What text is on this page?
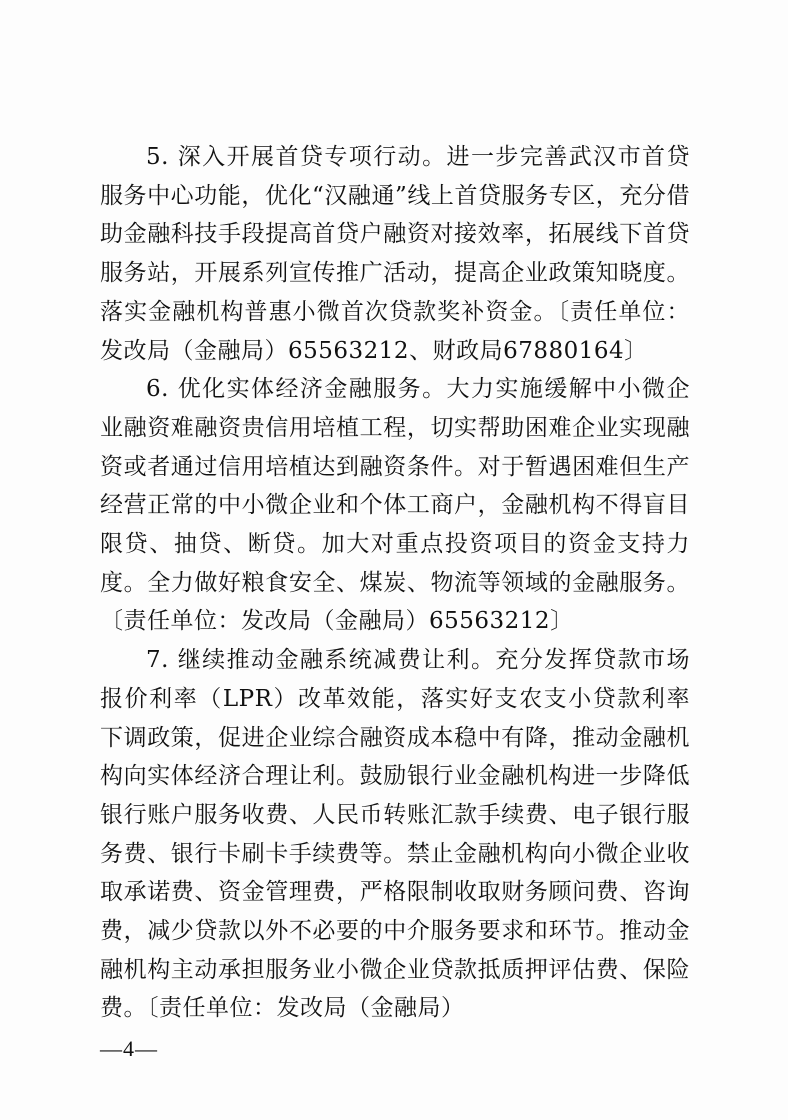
5. 深入开展首贷专项行动。进一步完善武汉市首贷服务中心功能，优化“汉融通”线上首贷服务专区，充分借助金融科技手段提高首贷户融资对接效率，拓展线下首贷服务站，开展系列宣传推广活动，提高企业政策知晓度。落实金融机构普惠小微首次贷款奖补资金。〔责任单位：发改局（金融局）65563212、财政局67880164〕

6. 优化实体经济金融服务。大力实施缓解中小微企业融资难融资贵信用培植工程，切实帮助困难企业实现融资或者通过信用培植达到融资条件。对于暂遇困难但生产经营正常的中小微企业和个体工商户，金融机构不得盲目限贷、抽贷、断贷。加大对重点投资项目的资金支持力度。全力做好粮食安全、煤炭、物流等领域的金融服务。〔责任单位：发改局（金融局）65563212〕

7. 继续推动金融系统减费让利。充分发挥贷款市场报价利率（LPR）改革效能，落实好支农支小贷款利率下调政策，促进企业综合融资成本稳中有降，推动金融机构向实体经济合理让利。鼓励银行业金融机构进一步降低银行账户服务收费、人民币转账汇款手续费、电子银行服务费、银行卡刷卡手续费等。禁止金融机构向小微企业收取承诺费、资金管理费，严格限制收取财务顾问费、咨询费，减少贷款以外不必要的中介服务要求和环节。推动金融机构主动承担服务业小微企业贷款抵质押评估费、保险费。〔责任单位：发改局（金融局）

—4—
